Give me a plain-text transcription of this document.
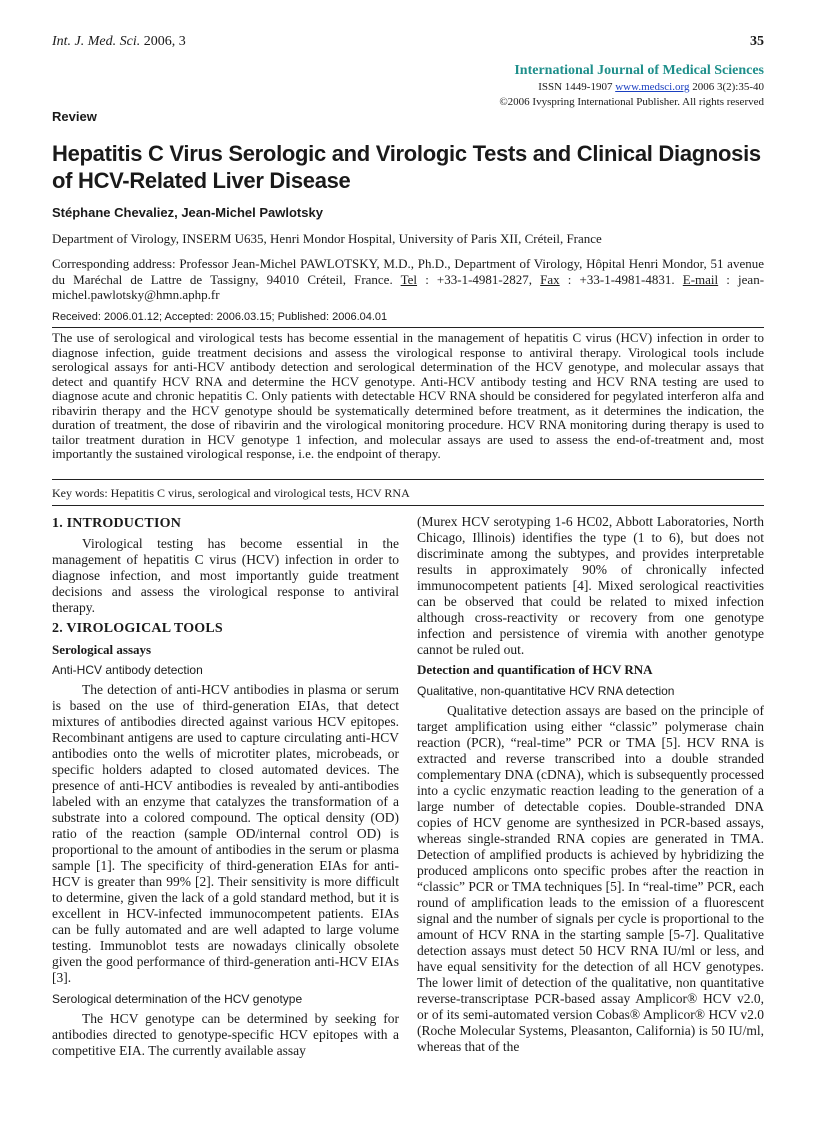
Int. J. Med. Sci. 2006, 3	35
International Journal of Medical Sciences
ISSN 1449-1907 www.medsci.org 2006 3(2):35-40
©2006 Ivyspring International Publisher. All rights reserved
Review
Hepatitis C Virus Serologic and Virologic Tests and Clinical Diagnosis of HCV-Related Liver Disease
Stéphane Chevaliez, Jean-Michel Pawlotsky
Department of Virology, INSERM U635, Henri Mondor Hospital, University of Paris XII, Créteil, France
Corresponding address: Professor Jean-Michel PAWLOTSKY, M.D., Ph.D., Department of Virology, Hôpital Henri Mondor, 51 avenue du Maréchal de Lattre de Tassigny, 94010 Créteil, France. Tel : +33-1-4981-2827, Fax : +33-1-4981-4831. E-mail : jean-michel.pawlotsky@hmn.aphp.fr
Received: 2006.01.12; Accepted: 2006.03.15; Published: 2006.04.01
The use of serological and virological tests has become essential in the management of hepatitis C virus (HCV) infection in order to diagnose infection, guide treatment decisions and assess the virological response to antiviral therapy. Virological tools include serological assays for anti-HCV antibody detection and serological determination of the HCV genotype, and molecular assays that detect and quantify HCV RNA and determine the HCV genotype. Anti-HCV antibody testing and HCV RNA testing are used to diagnose acute and chronic hepatitis C. Only patients with detectable HCV RNA should be considered for pegylated interferon alfa and ribavirin therapy and the HCV genotype should be systematically determined before treatment, as it determines the indication, the duration of treatment, the dose of ribavirin and the virological monitoring procedure. HCV RNA monitoring during therapy is used to tailor treatment duration in HCV genotype 1 infection, and molecular assays are used to assess the end-of-treatment and, most importantly the sustained virological response, i.e. the endpoint of therapy.
Key words: Hepatitis C virus, serological and virological tests, HCV RNA
1. INTRODUCTION

Virological testing has become essential in the management of hepatitis C virus (HCV) infection in order to diagnose infection, and most importantly guide treatment decisions and assess the virological response to antiviral therapy.

2. VIROLOGICAL TOOLS
Serological assays
Anti-HCV antibody detection

The detection of anti-HCV antibodies in plasma or serum is based on the use of third-generation EIAs, that detect mixtures of antibodies directed against various HCV epitopes. Recombinant antigens are used to capture circulating anti-HCV antibodies onto the wells of microtiter plates, microbeads, or specific holders adapted to closed automated devices. The presence of anti-HCV antibodies is revealed by anti-antibodies labeled with an enzyme that catalyzes the transformation of a substrate into a colored compound. The optical density (OD) ratio of the reaction (sample OD/internal control OD) is proportional to the amount of antibodies in the serum or plasma sample [1]. The specificity of third-generation EIAs for anti-HCV is greater than 99% [2]. Their sensitivity is more difficult to determine, given the lack of a gold standard method, but it is excellent in HCV-infected immunocompetent patients. EIAs can be fully automated and are well adapted to large volume testing. Immunoblot tests are nowadays clinically obsolete given the good performance of third-generation anti-HCV EIAs [3].

Serological determination of the HCV genotype

The HCV genotype can be determined by seeking for antibodies directed to genotype-specific HCV epitopes with a competitive EIA. The currently available assay

(Murex HCV serotyping 1-6 HC02, Abbott Laboratories, North Chicago, Illinois) identifies the type (1 to 6), but does not discriminate among the subtypes, and provides interpretable results in approximately 90% of chronically infected immunocompetent patients [4]. Mixed serological reactivities can be observed that could be related to mixed infection although cross-reactivity or recovery from one genotype infection and persistence of viremia with another genotype cannot be ruled out.

Detection and quantification of HCV RNA
Qualitative, non-quantitative HCV RNA detection

Qualitative detection assays are based on the principle of target amplification using either “classic” polymerase chain reaction (PCR), “real-time” PCR or TMA [5]. HCV RNA is extracted and reverse transcribed into a double stranded complementary DNA (cDNA), which is subsequently processed into a cyclic enzymatic reaction leading to the generation of a large number of detectable copies. Double-stranded DNA copies of HCV genome are synthesized in PCR-based assays, whereas single-stranded RNA copies are generated in TMA. Detection of amplified products is achieved by hybridizing the produced amplicons onto specific probes after the reaction in “classic” PCR or TMA techniques [5]. In “real-time” PCR, each round of amplification leads to the emission of a fluorescent signal and the number of signals per cycle is proportional to the amount of HCV RNA in the starting sample [5-7]. Qualitative detection assays must detect 50 HCV RNA IU/ml or less, and have equal sensitivity for the detection of all HCV genotypes. The lower limit of detection of the qualitative, non quantitative reverse-transcriptase PCR-based assay Amplicor® HCV v2.0, or of its semi-automated version Cobas® Amplicor® HCV v2.0 (Roche Molecular Systems, Pleasanton, California) is 50 IU/ml, whereas that of the
